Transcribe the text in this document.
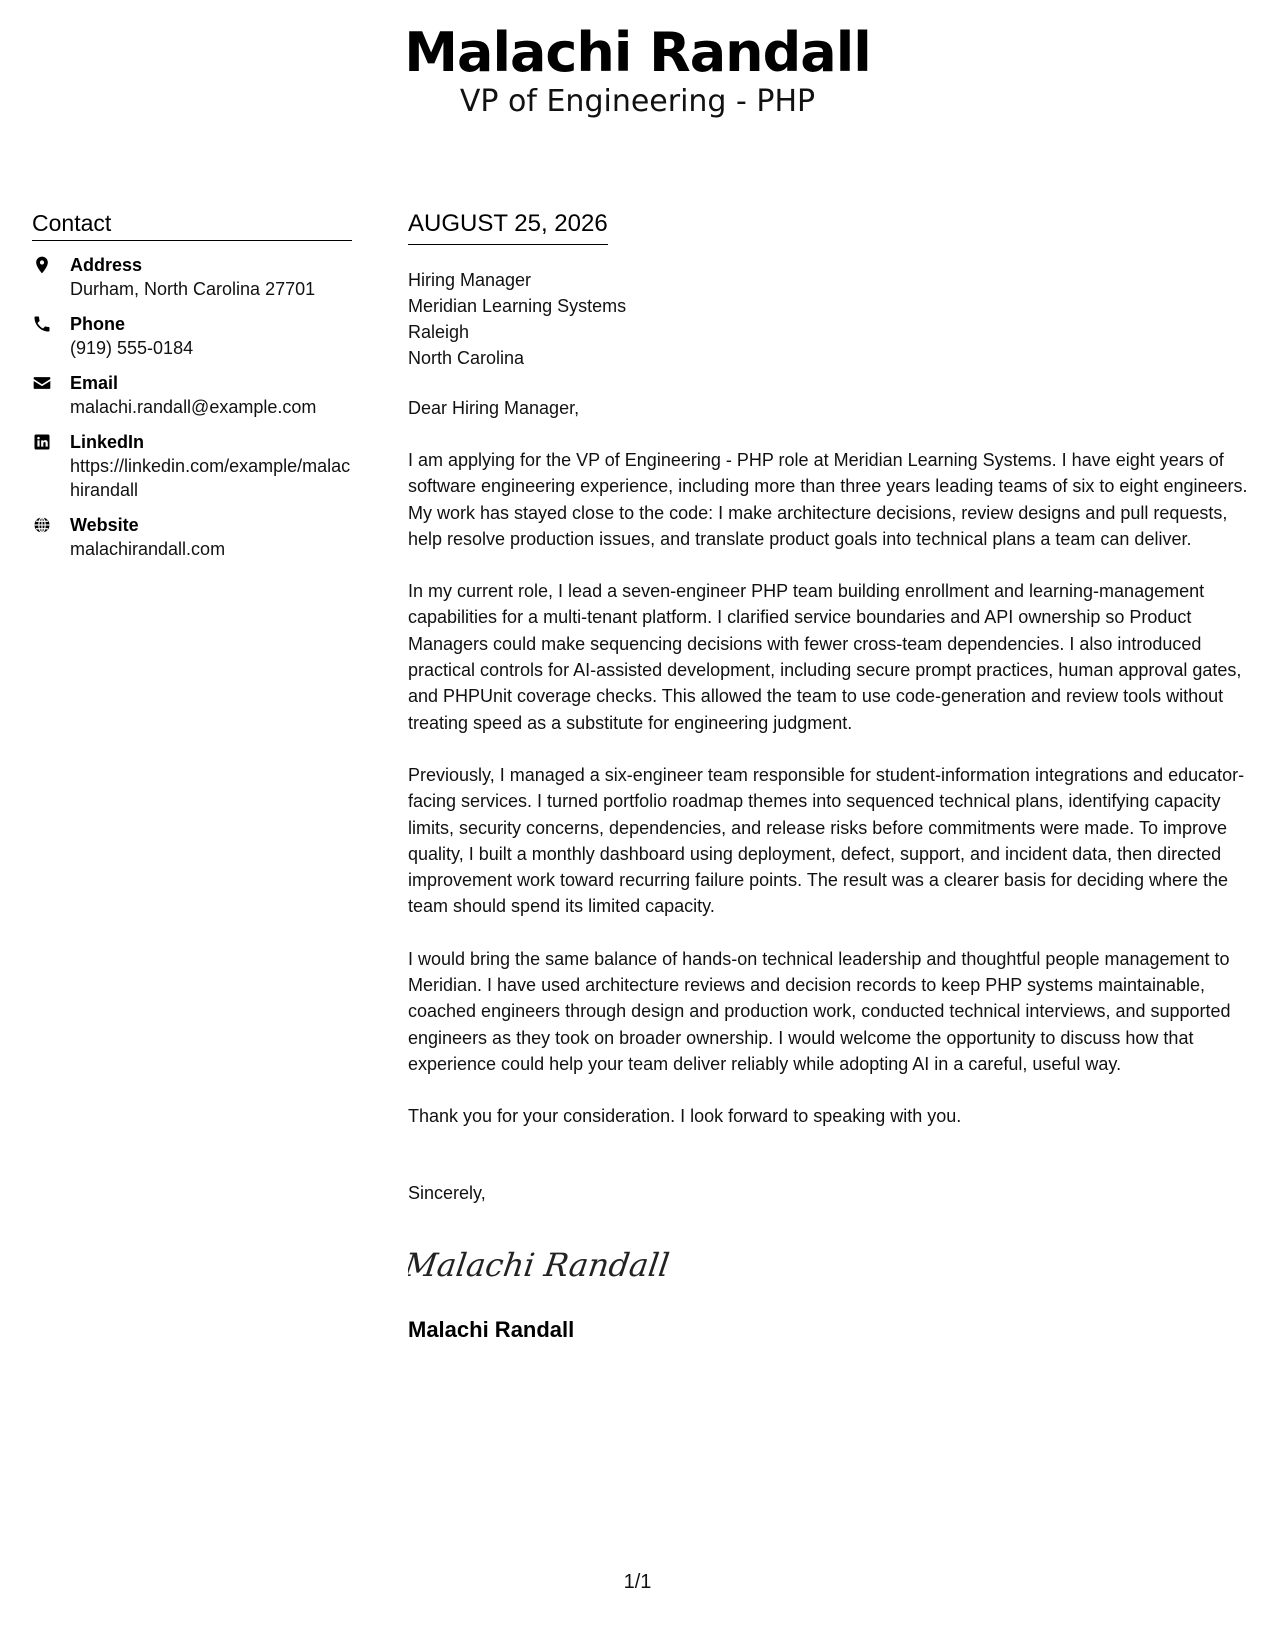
Malachi Randall
VP of Engineering - PHP
Contact
Address
Durham, North Carolina 27701
Phone
(919) 555-0184
Email
malachi.randall@example.com
LinkedIn
https://linkedin.com/example/malachirandall
Website
malachirandall.com
AUGUST 25, 2026
Hiring Manager
Meridian Learning Systems
Raleigh
North Carolina
Dear Hiring Manager,

I am applying for the VP of Engineering - PHP role at Meridian Learning Systems. I have eight years of software engineering experience, including more than three years leading teams of six to eight engineers. My work has stayed close to the code: I make architecture decisions, review designs and pull requests, help resolve production issues, and translate product goals into technical plans a team can deliver.

In my current role, I lead a seven-engineer PHP team building enrollment and learning-management capabilities for a multi-tenant platform. I clarified service boundaries and API ownership so Product Managers could make sequencing decisions with fewer cross-team dependencies. I also introduced practical controls for AI-assisted development, including secure prompt practices, human approval gates, and PHPUnit coverage checks. This allowed the team to use code-generation and review tools without treating speed as a substitute for engineering judgment.

Previously, I managed a six-engineer team responsible for student-information integrations and educator-facing services. I turned portfolio roadmap themes into sequenced technical plans, identifying capacity limits, security concerns, dependencies, and release risks before commitments were made. To improve quality, I built a monthly dashboard using deployment, defect, support, and incident data, then directed improvement work toward recurring failure points. The result was a clearer basis for deciding where the team should spend its limited capacity.

I would bring the same balance of hands-on technical leadership and thoughtful people management to Meridian. I have used architecture reviews and decision records to keep PHP systems maintainable, coached engineers through design and production work, conducted technical interviews, and supported engineers as they took on broader ownership. I would welcome the opportunity to discuss how that experience could help your team deliver reliably while adopting AI in a careful, useful way.

Thank you for your consideration. I look forward to speaking with you.

Sincerely,
Malachi Randall
Malachi Randall
1/1
